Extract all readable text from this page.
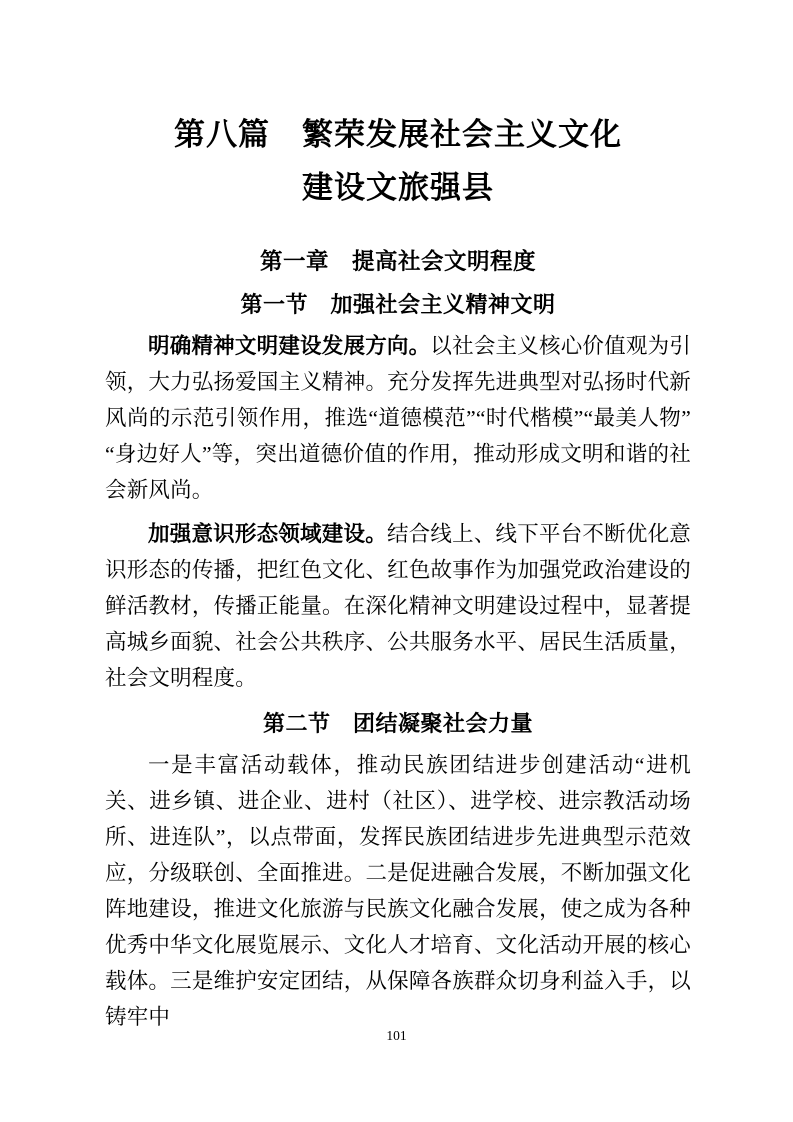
第八篇　繁荣发展社会主义文化
建设文旅强县
第一章　提高社会文明程度
第一节　加强社会主义精神文明

明确精神文明建设发展方向。以社会主义核心价值观为引领，大力弘扬爱国主义精神。充分发挥先进典型对弘扬时代新风尚的示范引领作用，推选“道德模范”“时代楷模”“最美人物”“身边好人”等，突出道德价值的作用，推动形成文明和谐的社会新风尚。

加强意识形态领域建设。结合线上、线下平台不断优化意识形态的传播，把红色文化、红色故事作为加强党政治建设的鲜活教材，传播正能量。在深化精神文明建设过程中，显著提高城乡面貌、社会公共秩序、公共服务水平、居民生活质量，社会文明程度。

第二节　团结凝聚社会力量

一是丰富活动载体，推动民族团结进步创建活动“进机关、进乡镇、进企业、进村（社区）、进学校、进宗教活动场所、进连队”，以点带面，发挥民族团结进步先进典型示范效应，分级联创、全面推进。二是促进融合发展，不断加强文化阵地建设，推进文化旅游与民族文化融合发展，使之成为各种优秀中华文化展览展示、文化人才培育、文化活动开展的核心载体。三是维护安定团结，从保障各族群众切身利益入手，以铸牢中

101
